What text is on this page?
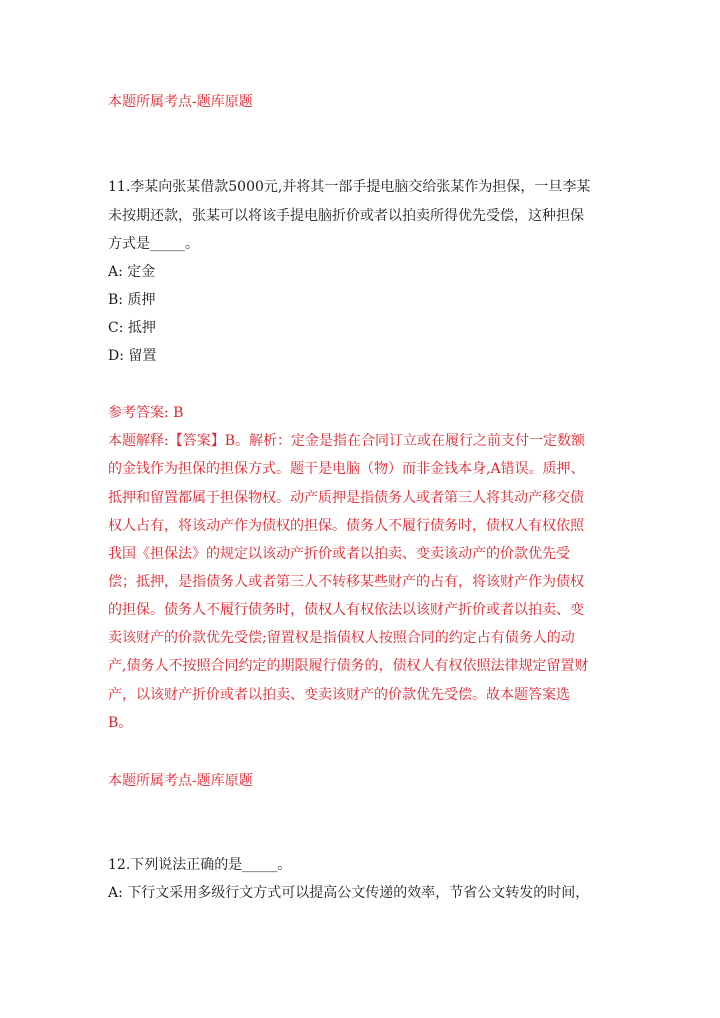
本题所属考点-题库原题
11.李某向张某借款5000元,并将其一部手提电脑交给张某作为担保，一旦李某
未按期还款，张某可以将该手提电脑折价或者以拍卖所得优先受偿，这种担保
方式是_____。
A: 定金
B: 质押
C: 抵押
D: 留置
参考答案: B
本题解释:【答案】B。解析：定金是指在合同订立或在履行之前支付一定数额
的金钱作为担保的担保方式。题干是电脑（物）而非金钱本身,A错误。质押、
抵押和留置都属于担保物权。动产质押是指债务人或者第三人将其动产移交债
权人占有，将该动产作为债权的担保。债务人不履行债务时，债权人有权依照
我国《担保法》的规定以该动产折价或者以拍卖、变卖该动产的价款优先受
偿；抵押，是指债务人或者第三人不转移某些财产的占有，将该财产作为债权
的担保。债务人不履行债务时，债权人有权依法以该财产折价或者以拍卖、变
卖该财产的价款优先受偿;留置权是指债权人按照合同的约定占有债务人的动
产,债务人不按照合同约定的期限履行债务的，债权人有权依照法律规定留置财
产，以该财产折价或者以拍卖、变卖该财产的价款优先受偿。故本题答案选
B。
本题所属考点-题库原题
12.下列说法正确的是_____。
A: 下行文采用多级行文方式可以提高公文传递的效率，节省公文转发的时间，
